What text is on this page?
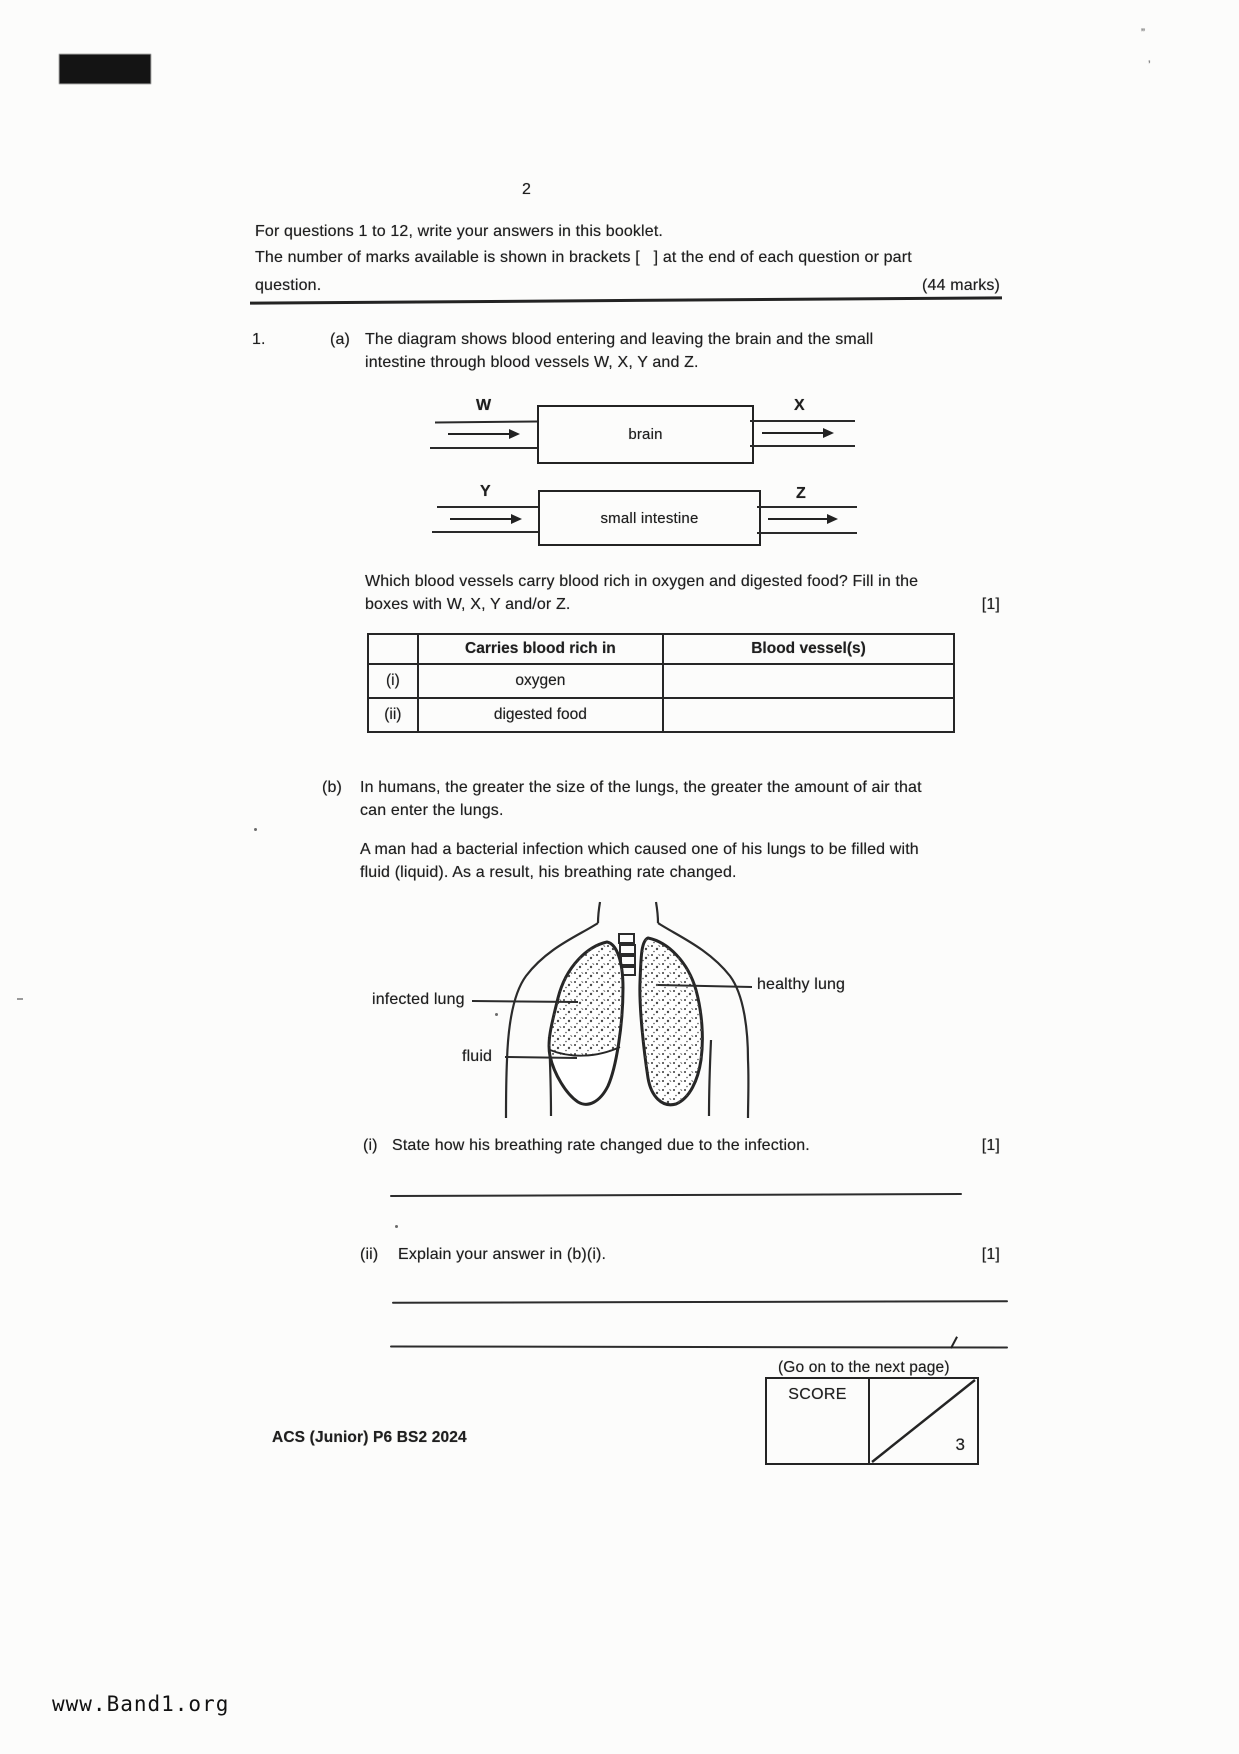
”
’
2
For questions 1 to 12, write your answers in this booklet.
The number of marks available is shown in brackets [   ] at the end of each question or part
question.	(44 marks)
1.	(a) The diagram shows blood entering and leaving the brain and the small
intestine through blood vessels W, X, Y and Z.
W
brain
X
Y
small intestine
Z
Which blood vessels carry blood rich in oxygen and digested food? Fill in the
boxes with W, X, Y and/or Z.	[1]
	Carries blood rich in	Blood vessel(s)
(i)	oxygen	
(ii)	digested food	
(b) In humans, the greater the size of the lungs, the greater the amount of air that
can enter the lungs.
A man had a bacterial infection which caused one of his lungs to be filled with
fluid (liquid). As a result, his breathing rate changed.
infected lung
healthy lung
fluid
(i) State how his breathing rate changed due to the infection.	[1]
(ii) Explain your answer in (b)(i).	[1]
(Go on to the next page)
SCORE
3
ACS (Junior) P6 BS2 2024
www.Band1.org
